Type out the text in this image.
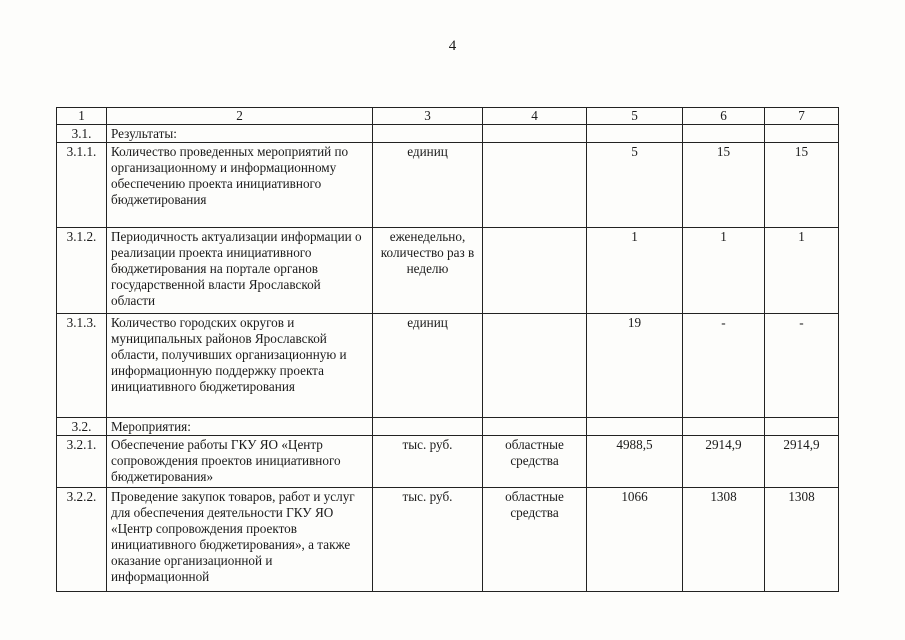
4
1	2	3	4	5	6	7
3.1.	Результаты:					
3.1.1.	Количество проведенных мероприятий по организационному и информационному обеспечению проекта инициативного бюджетирования	единиц		5	15	15
3.1.2.	Периодичность актуализации информации о реализации проекта инициативного бюджетирования на портале органов государственной власти Ярославской области	еженедельно, количество раз в неделю		1	1	1
3.1.3.	Количество городских округов и муниципальных районов Ярославской области, получивших организационную и информационную поддержку проекта инициативного бюджетирования	единиц		19	-	-
3.2.	Мероприятия:					
3.2.1.	Обеспечение работы ГКУ ЯО «Центр сопровождения проектов инициативного бюджетирования»	тыс. руб.	областные средства	4988,5	2914,9	2914,9
3.2.2.	Проведение закупок товаров, работ и услуг для обеспечения деятельности ГКУ ЯО «Центр сопровождения проектов инициативного бюджетирования», а также оказание организационной и информационной	тыс. руб.	областные средства	1066	1308	1308
